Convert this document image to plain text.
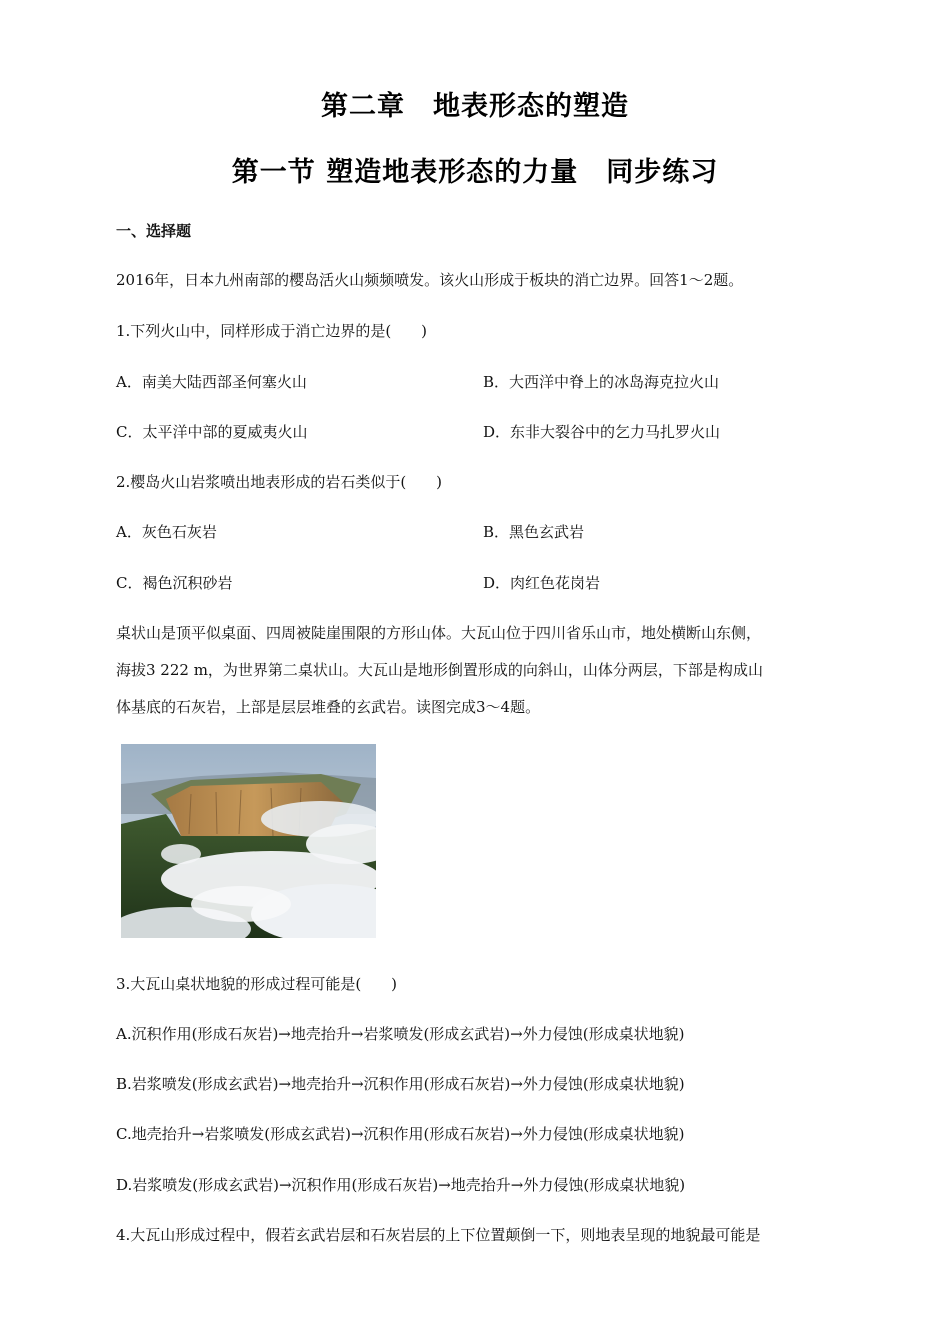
第二章　地表形态的塑造
第一节 塑造地表形态的力量　同步练习
一、选择题
2016年，日本九州南部的樱岛活火山频频喷发。该火山形成于板块的消亡边界。回答1～2题。
1.下列火山中，同样形成于消亡边界的是(　　)
A．南美大陆西部圣何塞火山	B．大西洋中脊上的冰岛海克拉火山
C．太平洋中部的夏威夷火山	D．东非大裂谷中的乞力马扎罗火山
2.樱岛火山岩浆喷出地表形成的岩石类似于(　　)
A．灰色石灰岩	B．黑色玄武岩
C．褐色沉积砂岩	D．肉红色花岗岩
桌状山是顶平似桌面、四周被陡崖围限的方形山体。大瓦山位于四川省乐山市，地处横断山东侧，
海拔3 222 m，为世界第二桌状山。大瓦山是地形倒置形成的向斜山，山体分两层，下部是构成山
体基底的石灰岩，上部是层层堆叠的玄武岩。读图完成3～4题。
3.大瓦山桌状地貌的形成过程可能是(　　)
A.沉积作用(形成石灰岩)→地壳抬升→岩浆喷发(形成玄武岩)→外力侵蚀(形成桌状地貌)
B.岩浆喷发(形成玄武岩)→地壳抬升→沉积作用(形成石灰岩)→外力侵蚀(形成桌状地貌)
C.地壳抬升→岩浆喷发(形成玄武岩)→沉积作用(形成石灰岩)→外力侵蚀(形成桌状地貌)
D.岩浆喷发(形成玄武岩)→沉积作用(形成石灰岩)→地壳抬升→外力侵蚀(形成桌状地貌)
4.大瓦山形成过程中，假若玄武岩层和石灰岩层的上下位置颠倒一下，则地表呈现的地貌最可能是
